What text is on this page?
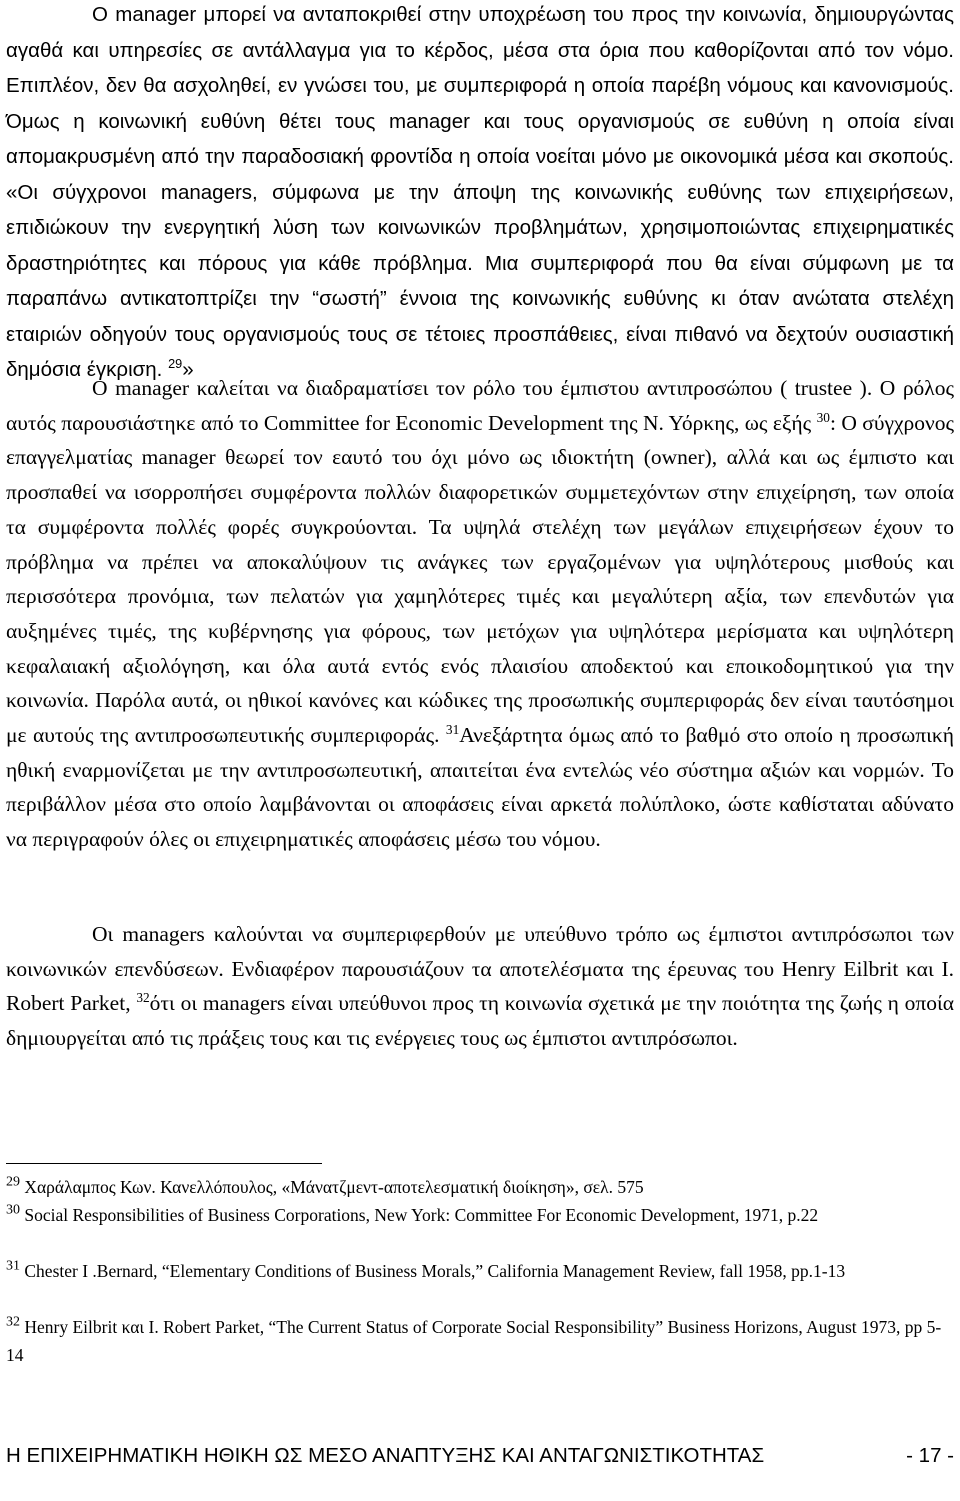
Ο manager μπορεί να ανταποκριθεί στην υποχρέωση του προς την κοινωνία, δημιουργώντας αγαθά και υπηρεσίες σε αντάλλαγμα για το κέρδος, μέσα στα όρια που καθορίζονται από τον νόμο. Επιπλέον, δεν θα ασχοληθεί, εν γνώσει του, με συμπεριφορά η οποία παρέβη νόμους και κανονισμούς. Όμως η κοινωνική ευθύνη θέτει τους manager και τους οργανισμούς σε ευθύνη η οποία είναι απομακρυσμένη από την παραδοσιακή φροντίδα η οποία νοείται μόνο με οικονομικά μέσα και σκοπούς. «Οι σύγχρονοι managers, σύμφωνα με την άποψη της κοινωνικής ευθύνης των επιχειρήσεων, επιδιώκουν την ενεργητική λύση των κοινωνικών προβλημάτων, χρησιμοποιώντας επιχειρηματικές δραστηριότητες και πόρους για κάθε πρόβλημα. Μια συμπεριφορά που θα είναι σύμφωνη με τα παραπάνω αντικατοπτρίζει την “σωστή” έννοια της κοινωνικής ευθύνης κι όταν ανώτατα στελέχη εταιριών οδηγούν τους οργανισμούς τους σε τέτοιες προσπάθειες, είναι πιθανό να δεχτούν ουσιαστική δημόσια έγκριση. $^{29}$»

Ο manager καλείται να διαδραματίσει τον ρόλο του έμπιστου αντιπροσώπου ( trustee ). Ο ρόλος αυτός παρουσιάστηκε από το Committee for Economic Development της Ν. Υόρκης, ως εξής $^{30}$: Ο σύγχρονος επαγγελματίας manager θεωρεί τον εαυτό του όχι μόνο ως ιδιοκτήτη (owner), αλλά και ως έμπιστο και προσπαθεί να ισορροπήσει συμφέροντα πολλών διαφορετικών συμμετεχόντων στην επιχείρηση, των οποία τα συμφέροντα πολλές φορές συγκρούονται. Τα υψηλά στελέχη των μεγάλων επιχειρήσεων έχουν το πρόβλημα να πρέπει να αποκαλύψουν τις ανάγκες των εργαζομένων για υψηλότερους μισθούς και περισσότερα προνόμια, των πελατών για χαμηλότερες τιμές και μεγαλύτερη αξία, των επενδυτών για αυξημένες τιμές, της κυβέρνησης για φόρους, των μετόχων για υψηλότερα μερίσματα και υψηλότερη κεφαλαιακή αξιολόγηση, και όλα αυτά εντός ενός πλαισίου αποδεκτού και εποικοδομητικού για την κοινωνία. Παρόλα αυτά, οι ηθικοί κανόνες και κώδικες της προσωπικής συμπεριφοράς δεν είναι ταυτόσημοι με αυτούς της αντιπροσωπευτικής συμπεριφοράς. $^{31}$Ανεξάρτητα όμως από το βαθμό στο οποίο η προσωπική ηθική εναρμονίζεται με την αντιπροσωπευτική, απαιτείται ένα εντελώς νέο σύστημα αξιών και νορμών. Το περιβάλλον μέσα στο οποίο λαμβάνονται οι αποφάσεις είναι αρκετά πολύπλοκο, ώστε καθίσταται αδύνατο να περιγραφούν όλες οι επιχειρηματικές αποφάσεις μέσω του νόμου.

Οι managers καλούνται να συμπεριφερθούν με υπεύθυνο τρόπο ως έμπιστοι αντιπρόσωποι των κοινωνικών επενδύσεων. Ενδιαφέρον παρουσιάζουν τα αποτελέσματα της έρευνας του Henry Eilbrit και I. Robert Parket, $^{32}$ότι οι managers είναι υπεύθυνοι προς τη κοινωνία σχετικά με την ποιότητα της ζωής η οποία δημιουργείται από τις πράξεις τους και τις ενέργειες τους ως έμπιστοι αντιπρόσωποι.

$^{29}$ Χαράλαμπος Κων. Κανελλόπουλος, «Μάνατζμεντ-αποτελεσματική διοίκηση», σελ. 575

$^{30}$ Social Responsibilities of Business Corporations, New York: Committee For Economic Development, 1971, p.22

$^{31}$ Chester I .Bernard, “Elementary Conditions of Business Morals,” California Management Review, fall 1958, pp.1-13

$^{32}$ Henry Eilbrit και I. Robert Parket, “The Current Status of Corporate Social Responsibility” Business Horizons, August 1973, pp 5-14

Η ΕΠΙΧΕΙΡΗΜΑΤΙΚΗ ΗΘΙΚΗ ΩΣ ΜΕΣΟ ΑΝΑΠΤΥΞΗΣ ΚΑΙ ΑΝΤΑΓΩΝΙΣΤΙΚΟΤΗΤΑΣ	- 17 -
